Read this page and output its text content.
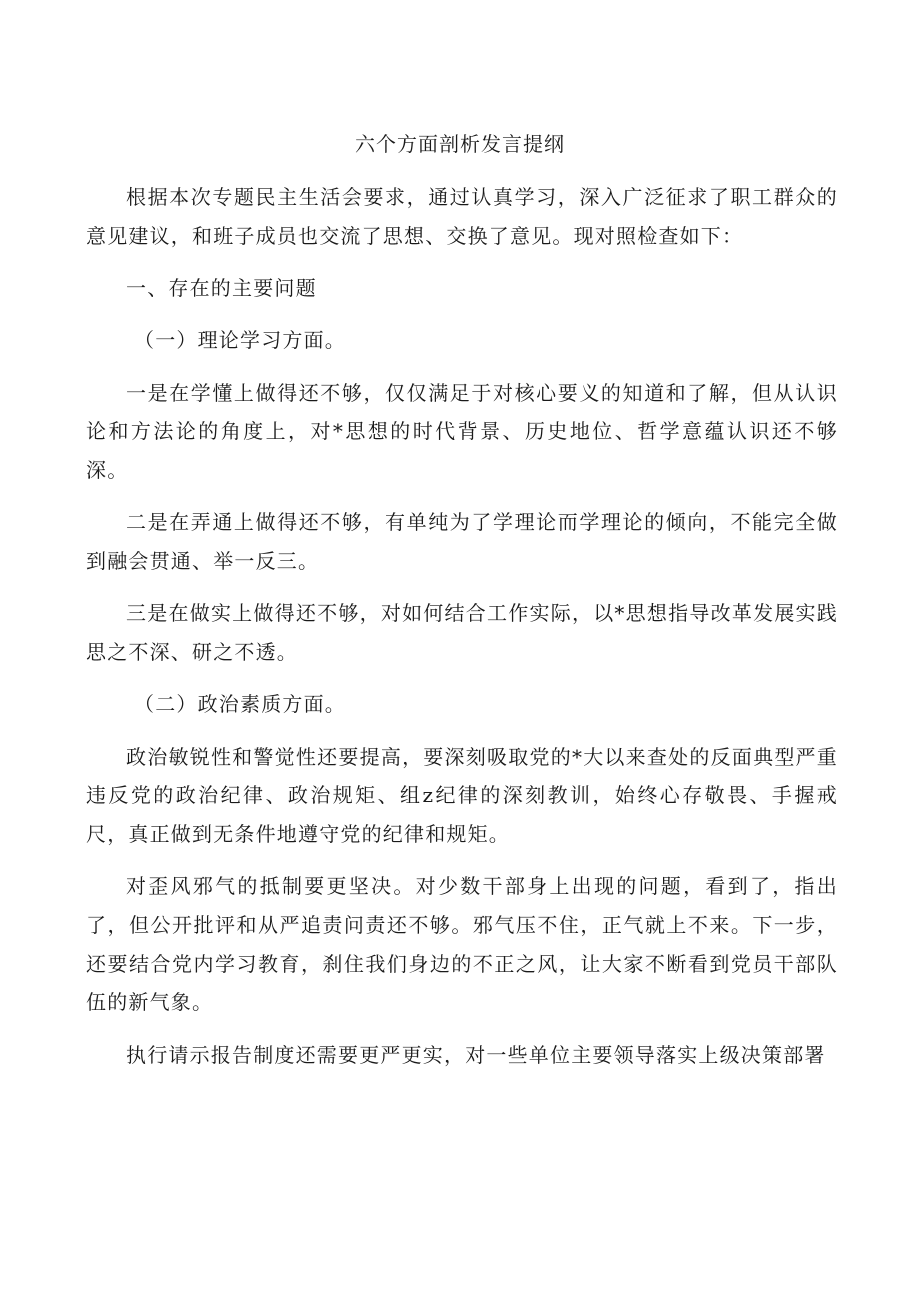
六个方面剖析发言提纲

根据本次专题民主生活会要求，通过认真学习，深入广泛征求了职工群众的意见建议，和班子成员也交流了思想、交换了意见。现对照检查如下：

一、存在的主要问题

（一）理论学习方面。

一是在学懂上做得还不够，仅仅满足于对核心要义的知道和了解，但从认识论和方法论的角度上，对*思想的时代背景、历史地位、哲学意蕴认识还不够深。

二是在弄通上做得还不够，有单纯为了学理论而学理论的倾向，不能完全做到融会贯通、举一反三。

三是在做实上做得还不够，对如何结合工作实际，以*思想指导改革发展实践思之不深、研之不透。

（二）政治素质方面。

政治敏锐性和警觉性还要提高，要深刻吸取党的*大以来查处的反面典型严重违反党的政治纪律、政治规矩、组z纪律的深刻教训，始终心存敬畏、手握戒尺，真正做到无条件地遵守党的纪律和规矩。

对歪风邪气的抵制要更坚决。对少数干部身上出现的问题，看到了，指出了，但公开批评和从严追责问责还不够。邪气压不住，正气就上不来。下一步，还要结合党内学习教育，刹住我们身边的不正之风，让大家不断看到党员干部队伍的新气象。

执行请示报告制度还需要更严更实，对一些单位主要领导落实上级决策部署
